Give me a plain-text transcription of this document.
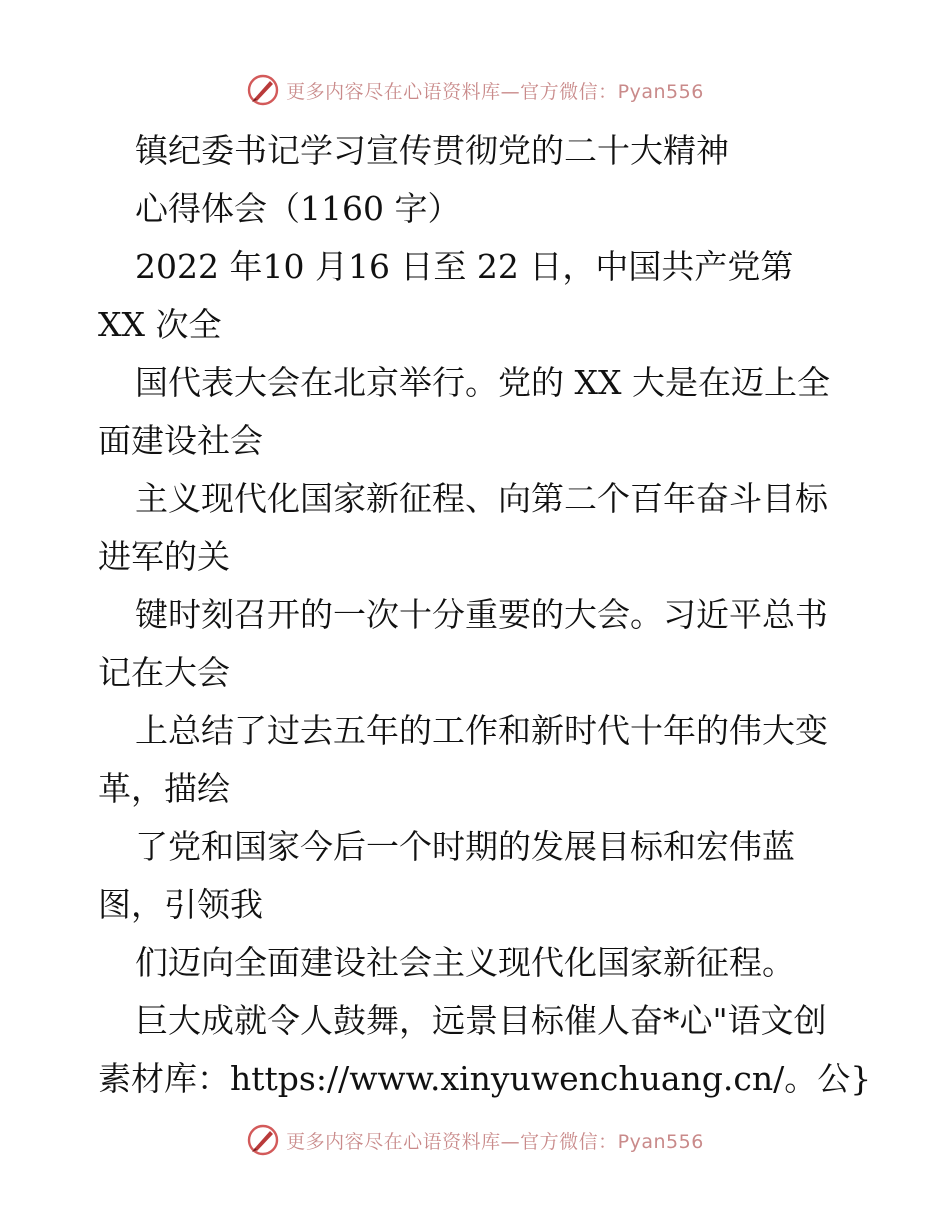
更多内容尽在心语资料库—官方微信：Pyan556
镇纪委书记学习宣传贯彻党的二十大精神
心得体会（1160 字）
2022 年10 月16 日至 22 日，中国共产党第
XX 次全
国代表大会在北京举行。党的 XX 大是在迈上全
面建设社会
主义现代化国家新征程、向第二个百年奋斗目标
进军的关
键时刻召开的一次十分重要的大会。习近平总书
记在大会
上总结了过去五年的工作和新时代十年的伟大变
革，描绘
了党和国家今后一个时期的发展目标和宏伟蓝
图，引领我
们迈向全面建设社会主义现代化国家新征程。
巨大成就令人鼓舞，远景目标催人奋*心"语文创
素材库：https://www.xinyuwenchuang.cn/。公}
更多内容尽在心语资料库—官方微信：Pyan556
